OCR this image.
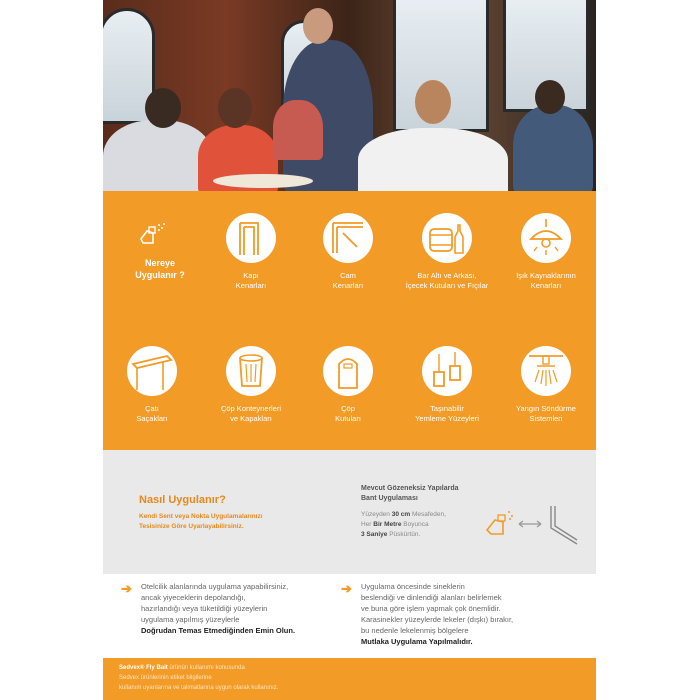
Nereye
Uygulanır ?	Kapı
Kenarları
Cam
Kenarları
Bar Altı ve Arkası,
İçecek Kutuları ve Fıçılar
Işık Kaynaklarının
Kenarları
Çatı
Saçakları
Çöp Konteynerleri
ve Kapakları
Çöp
Kutuları
Taşınabilir
Yemleme Yüzeyleri
Yangın Söndürme
Sistemleri
Nasıl Uygulanır?
Kendi Sent veya Nokta Uygulamalarınızı
Tesisinize Göre Uyarlayabilirsiniz.
Mevcut Gözeneksiz Yapılarda
Bant Uygulaması
Yüzeyden 30 cm Mesafeden,
Her Bir Metre Boyunca
3 Saniye Püskürtün.
➔ Otelcilik alanlarında uygulama yapabilirsiniz,
ancak yiyeceklerin depolandığı,
hazırlandığı veya tüketildiği yüzeylerin
uygulama yapılmış yüzeylerle
Doğrudan Temas Etmediğinden Emin Olun.
➔ Uygulama öncesinde sineklerin
beslendiği ve dinlendiği alanları belirlemek
ve buna göre işlem yapmak çok önemlidir.
Karasinekler yüzeylerde lekeler (dışkı) bırakır,
bu nedenle lekelenmiş bölgelere
Mutlaka Uygulama Yapılmalıdır.
Sedvex® Fly Bait ürünün kullanımı konusunda
Sedvex ürünlerinin etiket bilgilerine
kullanım uyarılarına ve talimatlarına uygun olarak kullanınız.
